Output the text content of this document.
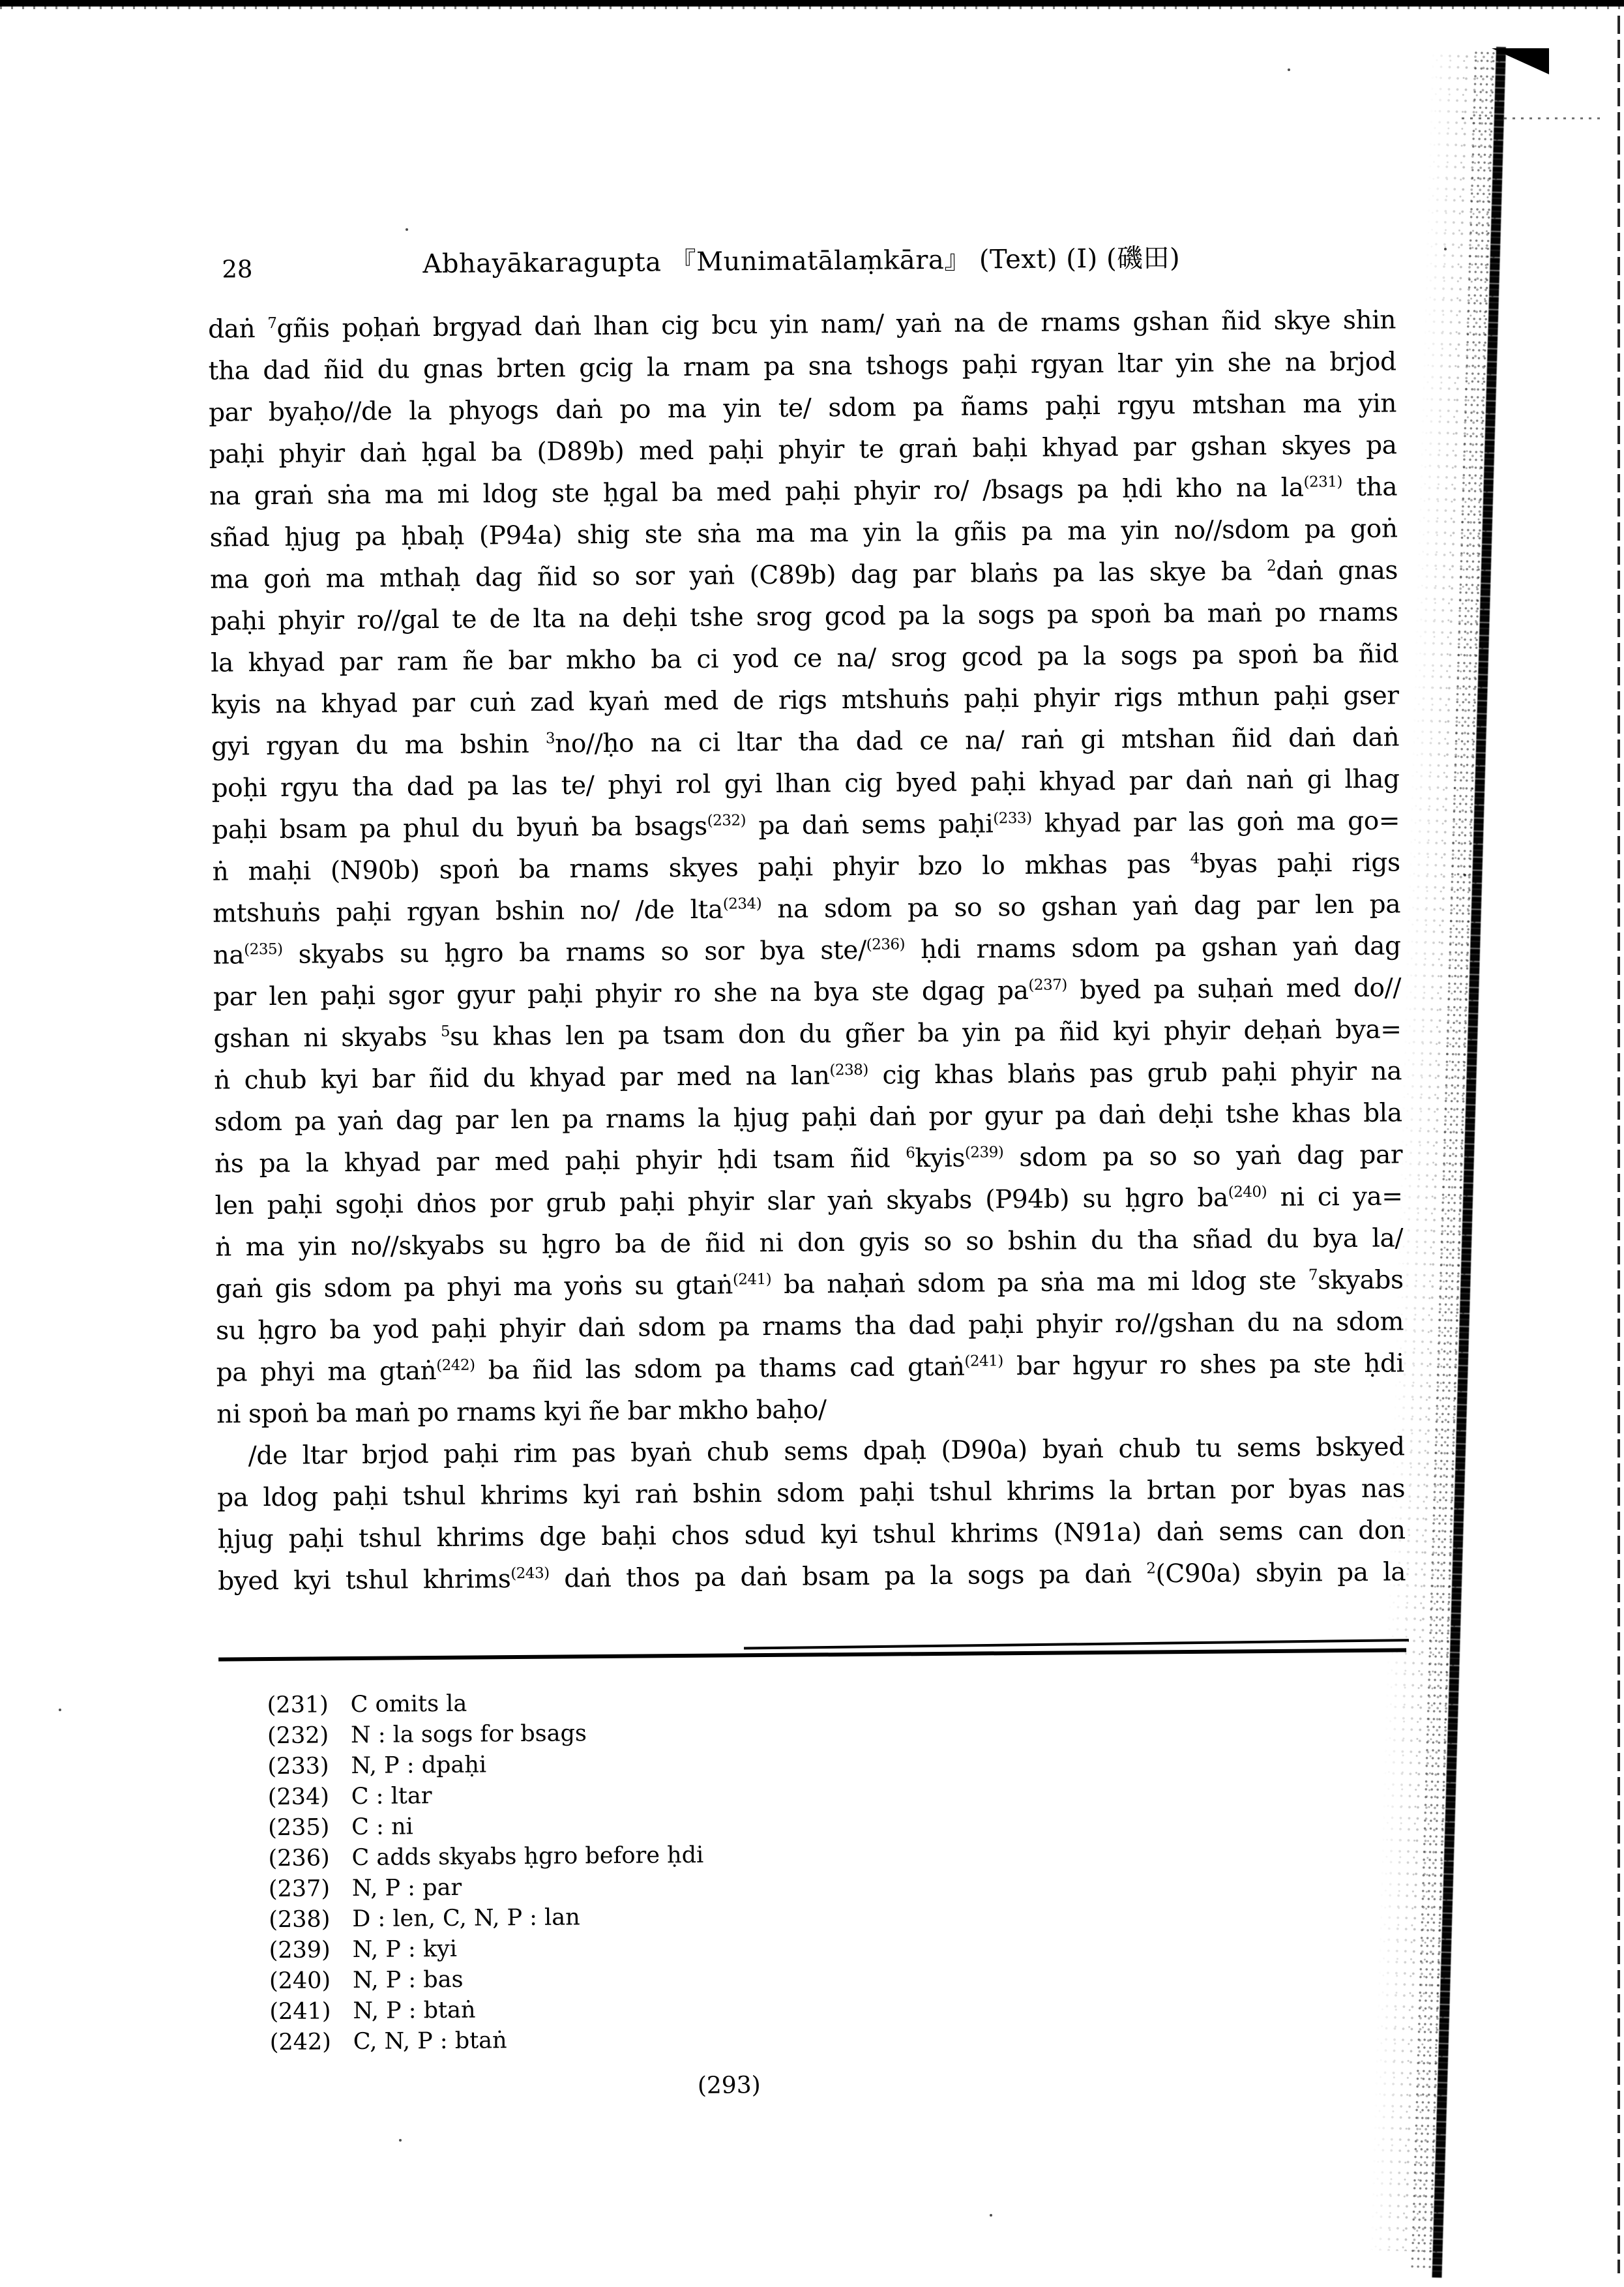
28	Abhayākaragupta 『Munimatālaṃkāra』 (Text) (I) (磯田)
daṅ $^7$gñis poḥaṅ brgyad daṅ lhan cig bcu yin nam/ yaṅ na de rnams gshan ñid skye shin
tha dad ñid du gnas brten gcig la rnam pa sna tshogs paḥi rgyan ltar yin she na brjod
par byaḥo//de la phyogs daṅ po ma yin te/ sdom pa ñams paḥi rgyu mtshan ma yin
paḥi phyir daṅ ḥgal ba (D89b) med paḥi phyir te graṅ baḥi khyad par gshan skyes pa
na graṅ sṅa ma mi ldog ste ḥgal ba med paḥi phyir ro/ /bsags pa ḥdi kho na $la^{(231)}$ tha
sñad ḥjug pa ḥbaḥ (P94a) shig ste sṅa ma ma yin la gñis pa ma yin no//sdom pa goṅ
ma goṅ ma mthaḥ dag ñid so sor yaṅ (C89b) dag par blaṅs pa las skye ba $^2$daṅ gnas
paḥi phyir ro//gal te de lta na deḥi tshe srog gcod pa la sogs pa spoṅ ba maṅ po rnams
la khyad par ram ñe bar mkho ba ci yod ce na/ srog gcod pa la sogs pa spoṅ ba ñid
kyis na khyad par cuṅ zad kyaṅ med de rigs mtshuṅs paḥi phyir rigs mthun paḥi gser
gyi rgyan du ma bshin $^3$no//ḥo na ci ltar tha dad ce na/ raṅ gi mtshan ñid daṅ daṅ
poḥi rgyu tha dad pa las te/ phyi rol gyi lhan cig byed paḥi khyad par daṅ naṅ gi lhag
paḥi bsam pa phul du byuṅ ba bsags$^{(232)}$ pa daṅ sems paḥi$^{(233)}$ khyad par las goṅ ma go=
ṅ maḥi (N90b) spoṅ ba rnams skyes paḥi phyir bzo lo mkhas pas $^4$byas paḥi rigs
mtshuṅs paḥi rgyan bshin no/ /de lta$^{(234)}$ na sdom pa so so gshan yaṅ dag par len pa
$na^{(235)}$ skyabs su ḥgro ba rnams so sor bya ste/$^{(236)}$ ḥdi rnams sdom pa gshan yaṅ dag
par len paḥi sgor gyur paḥi phyir ro she na bya ste dgag $pa^{(237)}$ byed pa suḥaṅ med do//
gshan ni skyabs $^5$su khas len pa tsam don du gñer ba yin pa ñid kyi phyir deḥaṅ bya=
ṅ chub kyi bar ñid du khyad par med na lan$^{(238)}$ cig khas blaṅs pas grub paḥi phyir na
sdom pa yaṅ dag par len pa rnams la ḥjug paḥi daṅ por gyur pa daṅ deḥi tshe khas bla
ṅs pa la khyad par med paḥi phyir ḥdi tsam ñid $^6$kyis$^{(239)}$ sdom pa so so yaṅ dag par
len paḥi sgoḥi dṅos por grub paḥi phyir slar yaṅ skyabs (P94b) su ḥgro $ba^{(240)}$ ni ci ya=
ṅ ma yin no//skyabs su ḥgro ba de ñid ni don gyis so so bshin du tha sñad du bya la/
gaṅ gis sdom pa phyi ma yoṅs su gtaṅ$^{(241)}$ ba naḥaṅ sdom pa sṅa ma mi ldog ste $^7$skyabs
su ḥgro ba yod paḥi phyir daṅ sdom pa rnams tha dad paḥi phyir ro//gshan du na sdom
pa phyi ma gtaṅ$^{(242)}$ ba ñid las sdom pa thams cad gtaṅ$^{(241)}$ bar hgyur ro shes pa ste ḥdi
ni spoṅ ba maṅ po rnams kyi ñe bar mkho baḥo/
/de ltar brjod paḥi rim pas byaṅ chub sems dpaḥ (D90a) byaṅ chub tu sems bskyed
pa ldog paḥi tshul khrims kyi raṅ bshin sdom paḥi tshul khrims la brtan por byas nas
ḥjug paḥi tshul khrims dge baḥi chos sdud kyi tshul khrims (N91a) daṅ sems can don
byed kyi tshul khrims$^{(243)}$ daṅ thos pa daṅ bsam pa la sogs pa daṅ $^2$(C90a) sbyin pa la
(231) C omits la
(232) N : la sogs for bsags
(233) N, P : dpaḥi
(234) C : ltar
(235) C : ni
(236) C adds skyabs ḥgro before ḥdi
(237) N, P : par
(238) D : len, C, N, P : lan
(239) N, P : kyi
(240) N, P : bas
(241) N, P : btaṅ
(242) C, N, P : btaṅ
(293)
